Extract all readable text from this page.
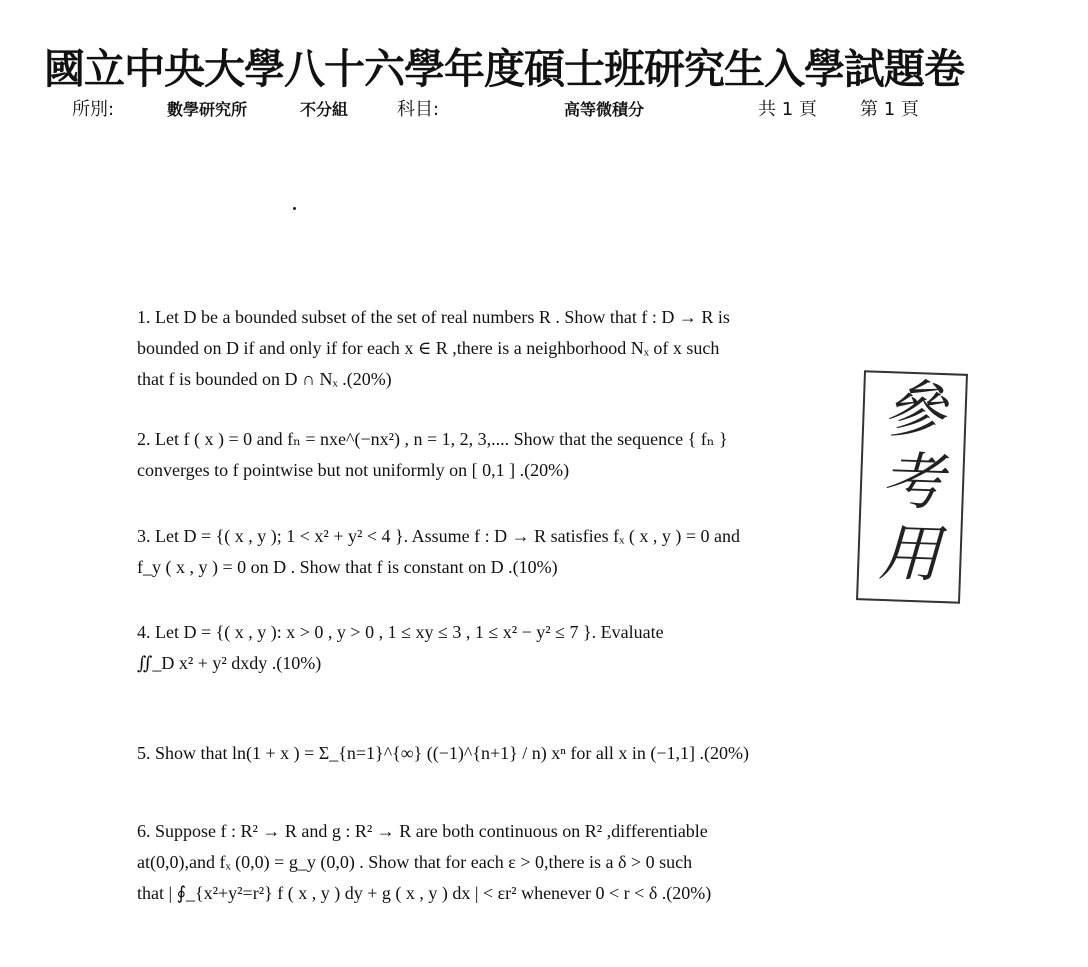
國立中央大學八十六學年度碩士班研究生入學試題卷
所別:	數學研究所	不分組	科目:	高等微積分	共 1 頁 第 1 頁
參
考
用

1. Let D be a bounded subset of the set of real numbers R . Show that f : D → R is

bounded on D if and only if for each x ∈ R ,there is a neighborhood Nₓ of x such

that f is bounded on D ∩ Nₓ .(20%)

2. Let f ( x ) = 0 and fₙ = nxe^(−nx²) , n = 1, 2, 3,.... Show that the sequence { fₙ }

converges to f pointwise but not uniformly on [ 0,1 ] .(20%)

3. Let D = {( x , y ); 1 < x² + y² < 4 }. Assume f : D → R satisfies fₓ ( x , y ) = 0 and

f_y ( x , y ) = 0 on D . Show that f is constant on D .(10%)

4. Let D = {( x , y ): x > 0 , y > 0 , 1 ≤ xy ≤ 3 , 1 ≤ x² − y² ≤ 7 }. Evaluate

∬_D x² + y² dxdy .(10%)

5. Show that ln(1 + x ) = Σ_{n=1}^{∞} ((−1)^{n+1} / n) xⁿ for all x in (−1,1] .(20%)

6. Suppose f : R² → R and g : R² → R are both continuous on R² ,differentiable

at(0,0),and fₓ (0,0) = g_y (0,0) . Show that for each ε > 0,there is a δ > 0 such

that | ∮_{x²+y²=r²} f ( x , y ) dy + g ( x , y ) dx | < εr² whenever 0 < r < δ .(20%)
